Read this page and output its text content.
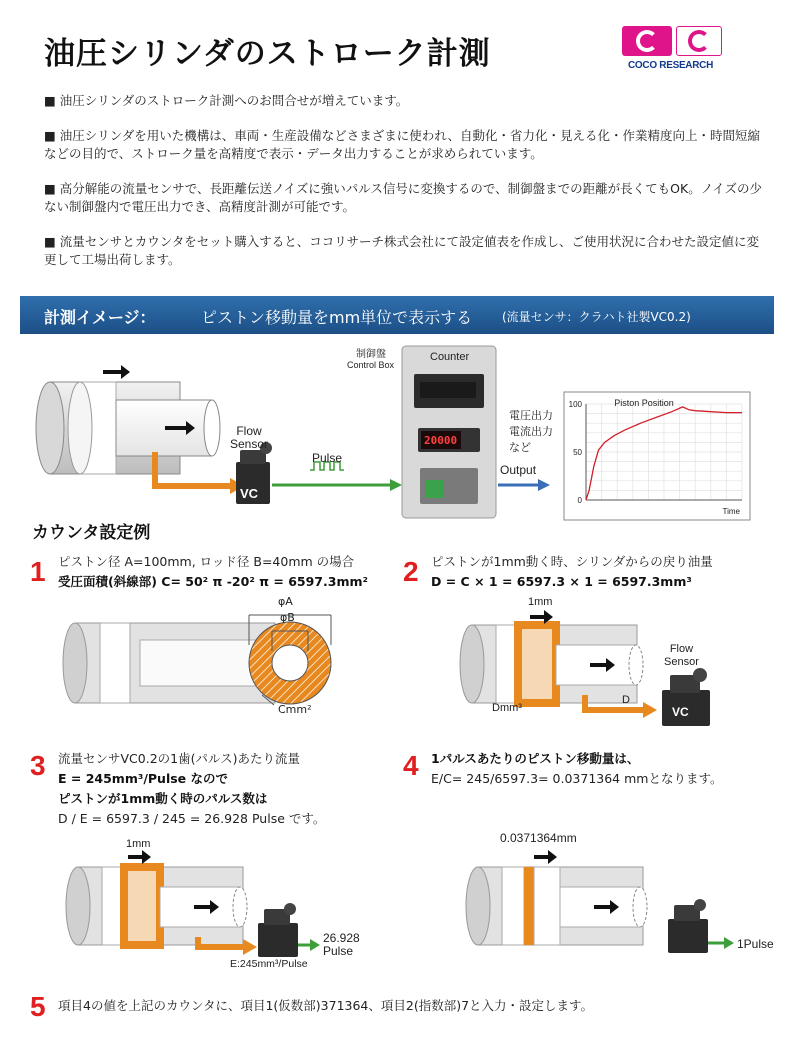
油圧シリンダのストローク計測	COCO RESEARCH
■ 油圧シリンダのストローク計測へのお問合せが増えています。
■ 油圧シリンダを用いた機構は、車両・生産設備などさまざまに使われ、自動化・省力化・見える化・作業精度向上・時間短縮などの目的で、ストローク量を高精度で表示・データ出力することが求められています。
■ 高分解能の流量センサで、長距離伝送ノイズに強いパルス信号に変換するので、制御盤までの距離が長くてもOK。ノイズの少ない制御盤内で電圧出力でき、高精度計測が可能です。
■ 流量センサとカウンタをセット購入すると、ココリサーチ株式会社にて設定値表を作成し、ご使用状況に合わせた設定値に変更して工場出荷します。
計測イメージ：	ピストン移動量をmm単位で表示する (流量センサ：クラハト社製VC0.2)
Flow
Sensor
VC
Pulse
制御盤
Control Box
Counter
20000
Output
電圧出力
電流出力
など
0
50
100	Piston Position
Time
カウンタ設定例
1 ピストン径 A=100mm, ロッド径 B=40mm の場合
受圧面積(斜線部) C= 50² π -20² π = 6597.3mm²
φA
φB
Cmm²
2 ピストンが1mm動く時、シリンダからの戻り油量
D = C × 1 = 6597.3 × 1 = 6597.3mm³
1mm
Dmm³
D
Flow
Sensor
VC
3 流量センサVC0.2の1歯(パルス)あたり流量
E = 245mm³/Pulse なので
ピストンが1mm動く時のパルス数は
D / E = 6597.3 / 245 = 26.928 Pulse です。
1mm
26.928
Pulse
E:245mm³/Pulse
4 1パルスあたりのピストン移動量は、
E/C= 245/6597.3= 0.0371364 mmとなります。
0.0371364mm
1Pulse
5 項目4の値を上記のカウンタに、項目1(仮数部)371364、項目2(指数部)7と入力・設定します。
